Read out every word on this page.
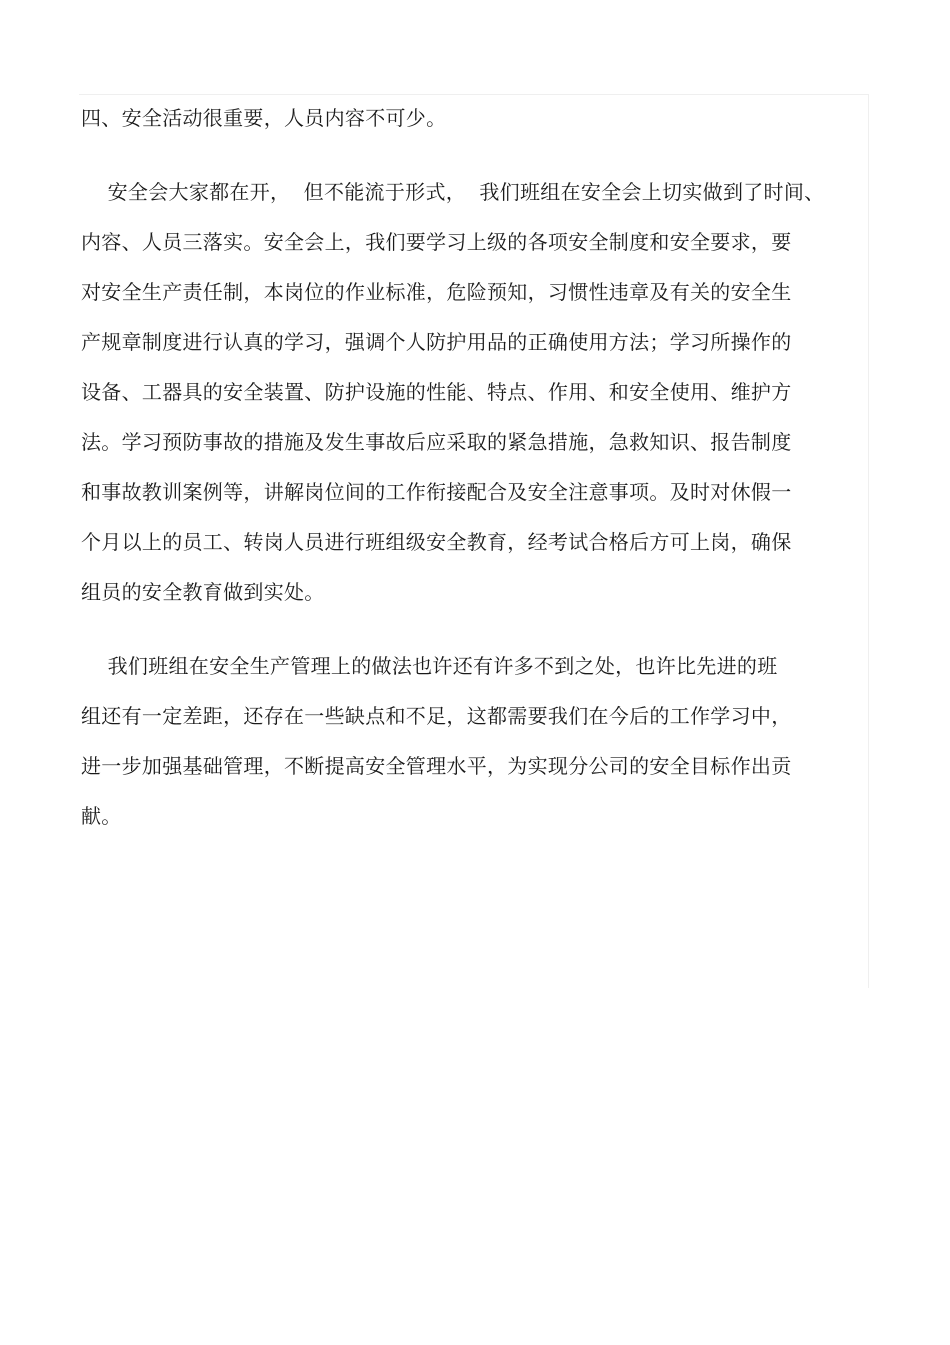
四、安全活动很重要，人员内容不可少。
安全会大家都在开，  但不能流于形式，  我们班组在安全会上切实做到了时间、
内容、人员三落实。安全会上，我们要学习上级的各项安全制度和安全要求，要
对安全生产责任制，本岗位的作业标准，危险预知，习惯性违章及有关的安全生
产规章制度进行认真的学习，强调个人防护用品的正确使用方法；学习所操作的
设备、工器具的安全装置、防护设施的性能、特点、作用、和安全使用、维护方
法。学习预防事故的措施及发生事故后应采取的紧急措施，急救知识、报告制度
和事故教训案例等，讲解岗位间的工作衔接配合及安全注意事项。及时对休假一
个月以上的员工、转岗人员进行班组级安全教育，经考试合格后方可上岗，确保
组员的安全教育做到实处。
我们班组在安全生产管理上的做法也许还有许多不到之处，也许比先进的班
组还有一定差距，还存在一些缺点和不足，这都需要我们在今后的工作学习中，
进一步加强基础管理，不断提高安全管理水平，为实现分公司的安全目标作出贡
献。
